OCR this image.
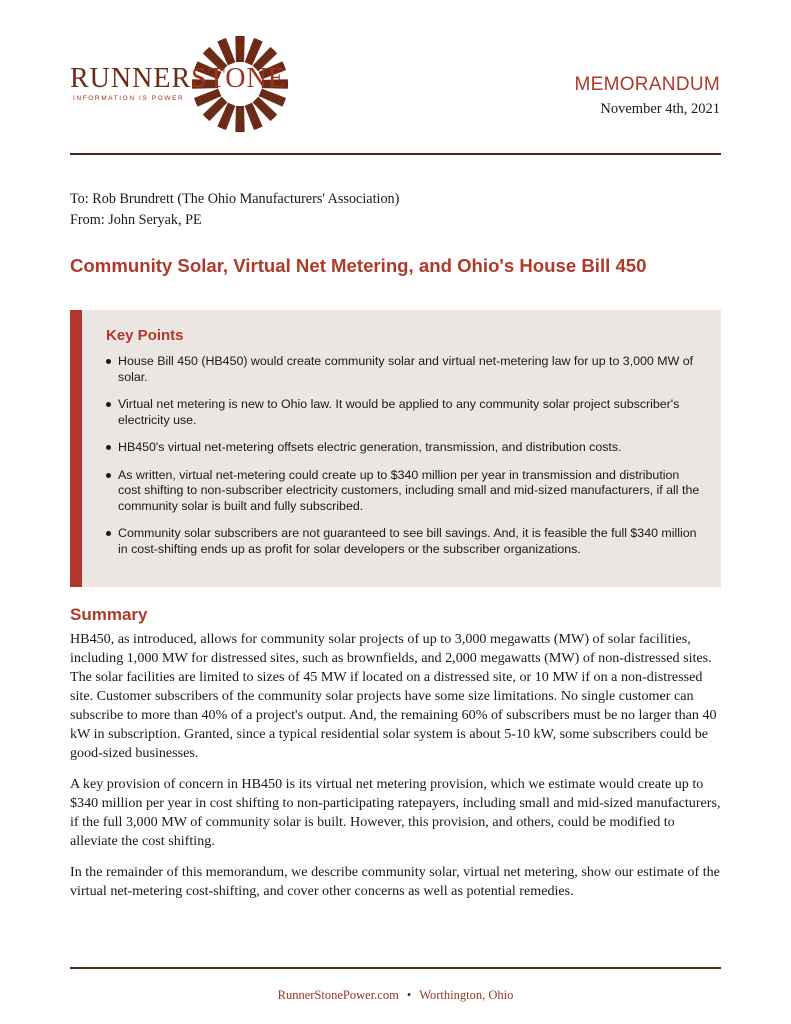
RUNNERSTONE
INFORMATION IS POWER
MEMORANDUM
November 4th, 2021
To: Rob Brundrett (The Ohio Manufacturers' Association)
From: John Seryak, PE
Community Solar, Virtual Net Metering, and Ohio's House Bill 450
Key Points
House Bill 450 (HB450) would create community solar and virtual net-metering law for up to 3,000 MW of solar.
Virtual net metering is new to Ohio law. It would be applied to any community solar project subscriber's electricity use.
HB450's virtual net-metering offsets electric generation, transmission, and distribution costs.
As written, virtual net-metering could create up to $340 million per year in transmission and distribution cost shifting to non-subscriber electricity customers, including small and mid-sized manufacturers, if all the community solar is built and fully subscribed.
Community solar subscribers are not guaranteed to see bill savings. And, it is feasible the full $340 million in cost-shifting ends up as profit for solar developers or the subscriber organizations.
Summary

HB450, as introduced, allows for community solar projects of up to 3,000 megawatts (MW) of solar facilities, including 1,000 MW for distressed sites, such as brownfields, and 2,000 megawatts (MW) of non-distressed sites. The solar facilities are limited to sizes of 45 MW if located on a distressed site, or 10 MW if on a non-distressed site. Customer subscribers of the community solar projects have some size limitations. No single customer can subscribe to more than 40% of a project's output. And, the remaining 60% of subscribers must be no larger than 40 kW in subscription. Granted, since a typical residential solar system is about 5-10 kW, some subscribers could be good-sized businesses.

A key provision of concern in HB450 is its virtual net metering provision, which we estimate would create up to $340 million per year in cost shifting to non-participating ratepayers, including small and mid-sized manufacturers, if the full 3,000 MW of community solar is built. However, this provision, and others, could be modified to alleviate the cost shifting.

In the remainder of this memorandum, we describe community solar, virtual net metering, show our estimate of the virtual net-metering cost-shifting, and cover other concerns as well as potential remedies.

RunnerStonePower.com • Worthington, Ohio
